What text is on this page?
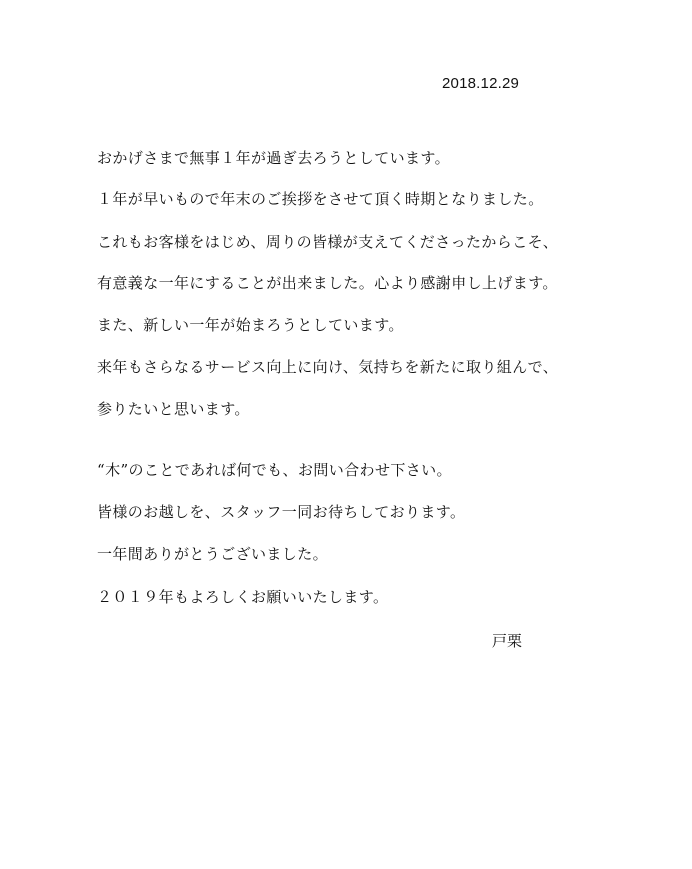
2018.12.29
おかげさまで無事１年が過ぎ去ろうとしています。
１年が早いもので年末のご挨拶をさせて頂く時期となりました。
これもお客様をはじめ、周りの皆様が支えてくださったからこそ、
有意義な一年にすることが出来ました。心より感謝申し上げます。
また、新しい一年が始まろうとしています。
来年もさらなるサービス向上に向け、気持ちを新たに取り組んで、
参りたいと思います。
“木”のことであれば何でも、お問い合わせ下さい。
皆様のお越しを、スタッフ一同お待ちしております。
一年間ありがとうございました。
２０１９年もよろしくお願いいたします。
戸栗
